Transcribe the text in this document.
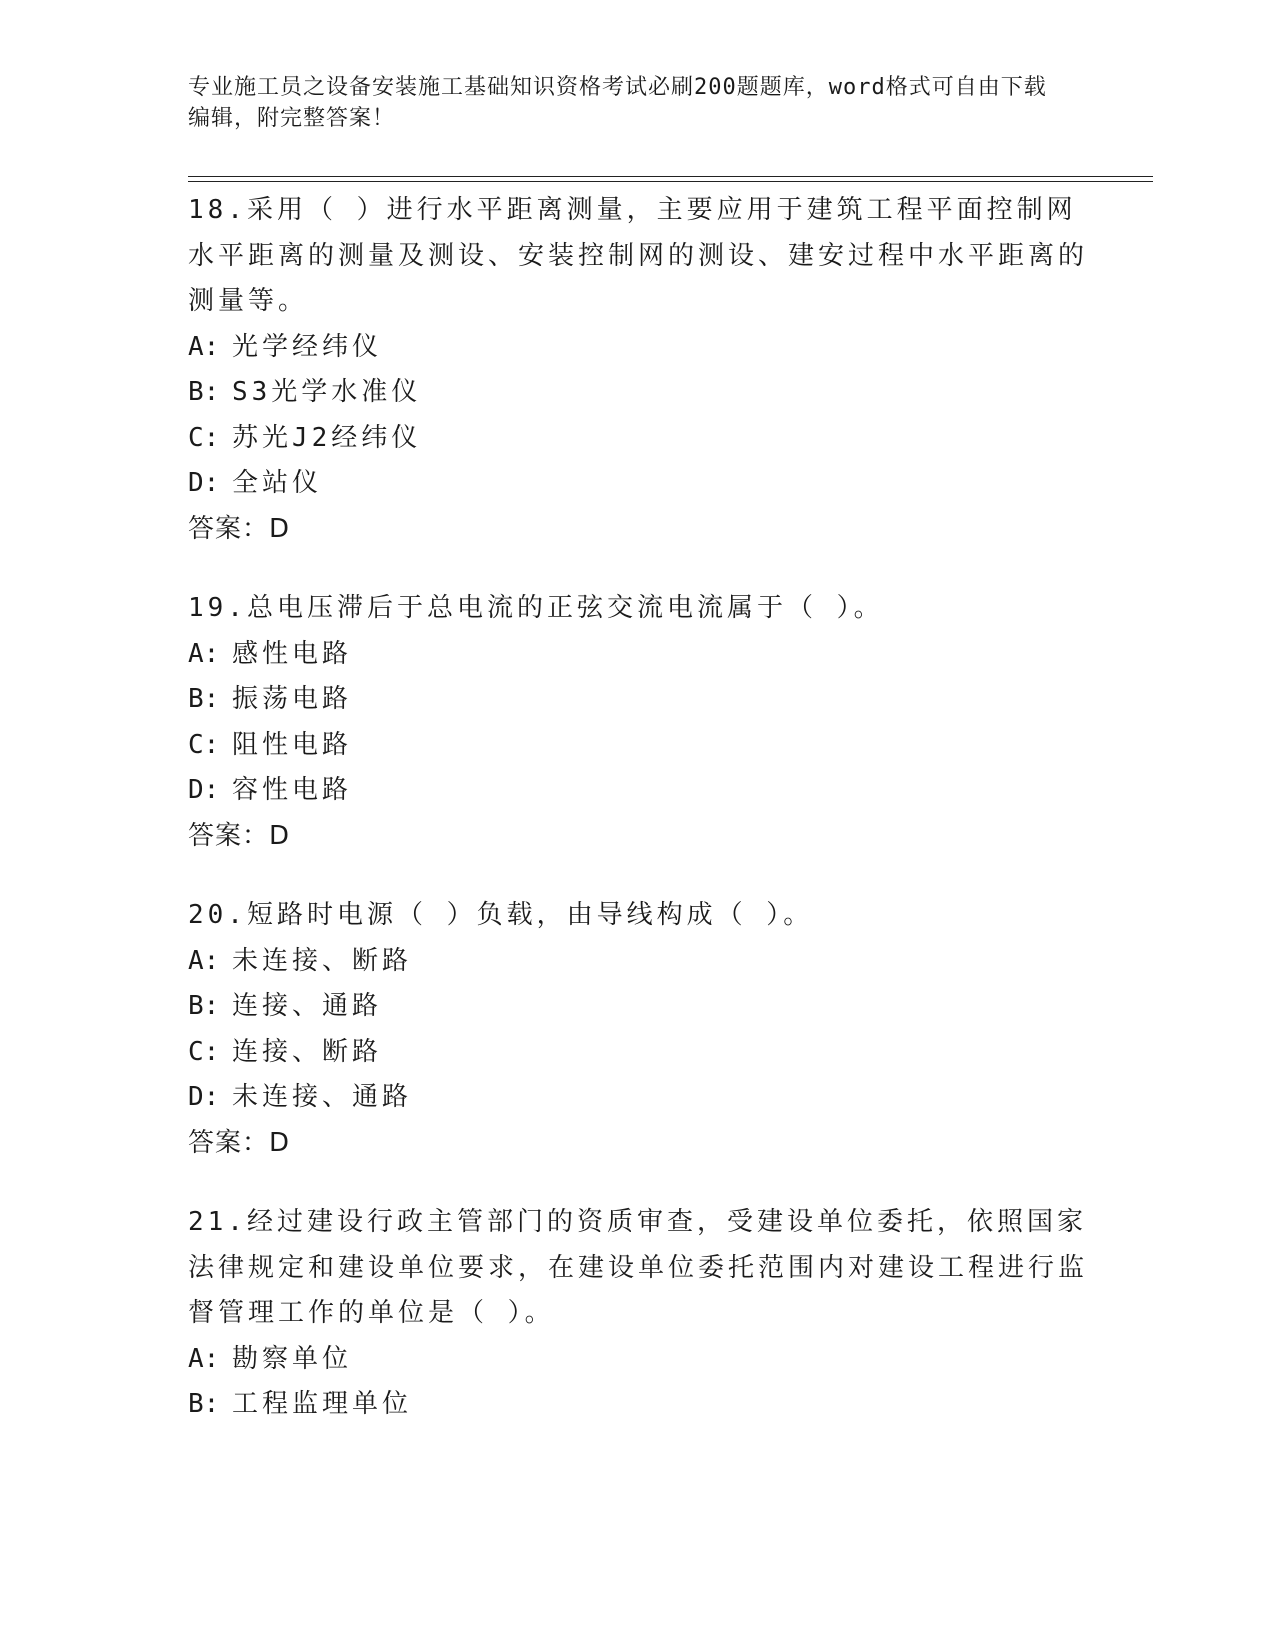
专业施工员之设备安装施工基础知识资格考试必刷200题题库，word格式可自由下载编辑，附完整答案！

18.采用（ ）进行水平距离测量，主要应用于建筑工程平面控制网水平距离的测量及测设、安装控制网的测设、建安过程中水平距离的测量等。

A: 光学经纬仪

B: S3光学水准仪

C: 苏光J2经纬仪

D: 全站仪

答案：D

19.总电压滞后于总电流的正弦交流电流属于（ ）。

A: 感性电路

B: 振荡电路

C: 阻性电路

D: 容性电路

答案：D

20.短路时电源（ ）负载，由导线构成（ ）。

A: 未连接、断路

B: 连接、通路

C: 连接、断路

D: 未连接、通路

答案：D

21.经过建设行政主管部门的资质审查，受建设单位委托，依照国家法律规定和建设单位要求，在建设单位委托范围内对建设工程进行监督管理工作的单位是（ ）。

A: 勘察单位

B: 工程监理单位
